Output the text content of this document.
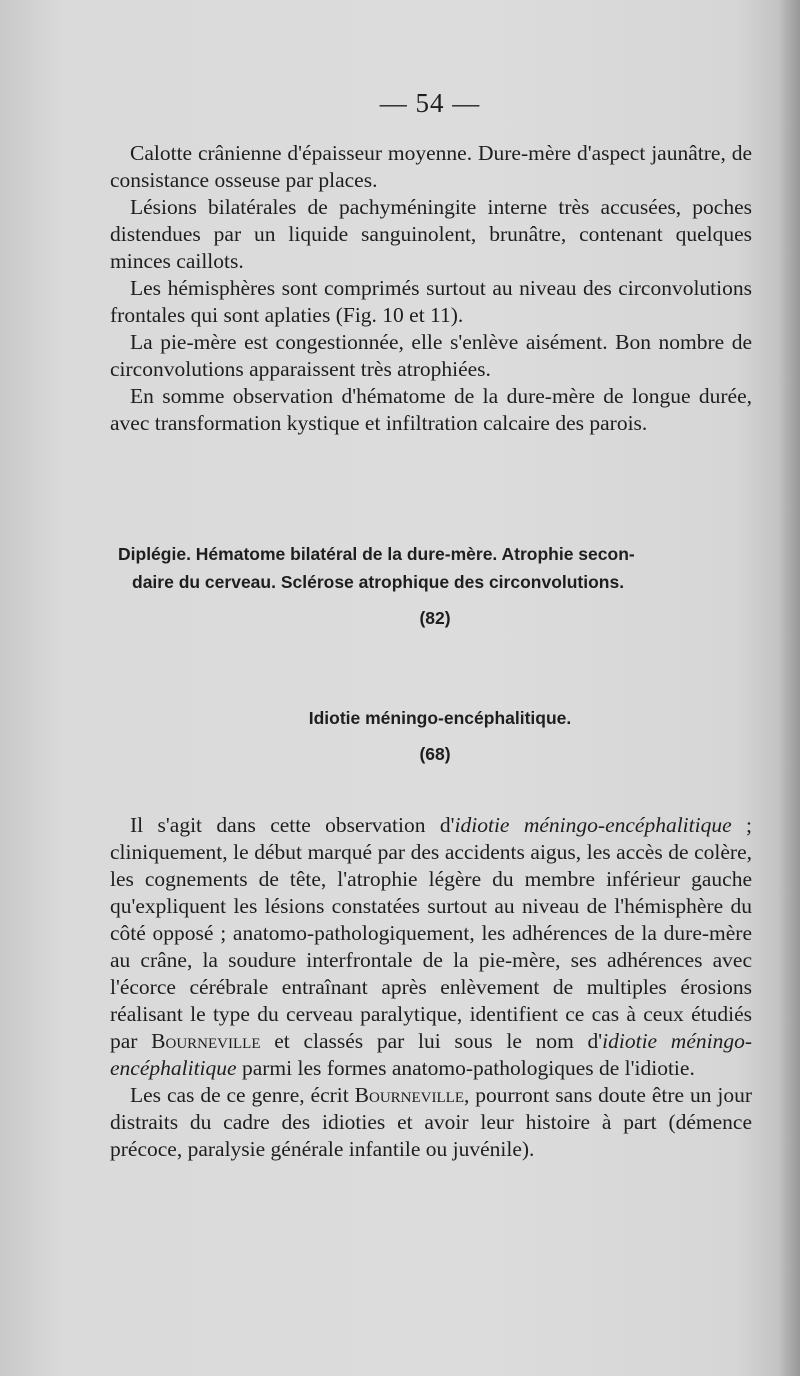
— 54 —

Calotte crânienne d'épaisseur moyenne. Dure-mère d'aspect jaunâtre, de consistance osseuse par places.

Lésions bilatérales de pachyméningite interne très accusées, poches distendues par un liquide sanguinolent, brunâtre, contenant quelques minces caillots.

Les hémisphères sont comprimés surtout au niveau des circonvolutions frontales qui sont aplaties (Fig. 10 et 11).

La pie-mère est congestionnée, elle s'enlève aisément. Bon nombre de circonvolutions apparaissent très atrophiées.

En somme observation d'hématome de la dure-mère de longue durée, avec transformation kystique et infiltration calcaire des parois.

Diplégie. Hématome bilatéral de la dure-mère. Atrophie secon-
daire du cerveau. Sclérose atrophique des circonvolutions.
(82)
Idiotie méningo-encéphalitique.
(68)

Il s'agit dans cette observation d'idiotie méningo-encéphalitique ; cliniquement, le début marqué par des accidents aigus, les accès de colère, les cognements de tête, l'atrophie légère du membre inférieur gauche qu'expliquent les lésions constatées surtout au niveau de l'hémisphère du côté opposé ; anatomo-pathologiquement, les adhérences de la dure-mère au crâne, la soudure interfrontale de la pie-mère, ses adhérences avec l'écorce cérébrale entraînant après enlèvement de multiples érosions réalisant le type du cerveau paralytique, identifient ce cas à ceux étudiés par Bourneville et classés par lui sous le nom d'idiotie méningo-encéphalitique parmi les formes anatomo-pathologiques de l'idiotie.

Les cas de ce genre, écrit Bourneville, pourront sans doute être un jour distraits du cadre des idioties et avoir leur histoire à part (démence précoce, paralysie générale infantile ou juvénile).
